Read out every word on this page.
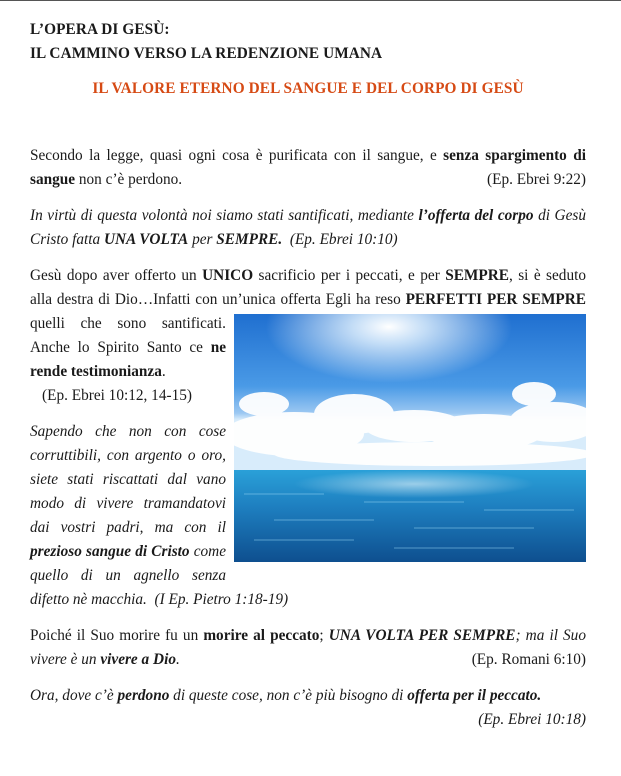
L’OPERA DI GESÙ:
IL CAMMINO VERSO LA REDENZIONE UMANA
IL VALORE ETERNO DEL SANGUE E DEL CORPO DI GESÙ

Secondo la legge, quasi ogni cosa è purificata con il sangue, e senza spargimento di sangue non c’è perdono.	(Ep. Ebrei 9:22)

In virtù di questa volontà noi siamo stati santificati, mediante l’offerta del corpo di Gesù Cristo fatta UNA VOLTA per SEMPRE. (Ep. Ebrei 10:10)

Gesù dopo aver offerto un UNICO sacrificio per i peccati, e per SEMPRE, si è seduto alla destra di Dio…Infatti con un’unica offerta Egli ha reso PERFETTI PER SEMPRE
quelli che sono santificati. Anche lo Spirito Santo ce ne rende testimonianza.
(Ep. Ebrei 10:12, 14-15)

Sapendo che non con cose corruttibili, con argento o oro, siete stati riscattati dal vano modo di vivere tramandatovi dai vostri padri, ma con il prezioso sangue di Cristo come quello di un agnello senza difetto nè macchia. (I Ep. Pietro 1:18-19)

Poiché il Suo morire fu un morire al peccato; UNA VOLTA PER SEMPRE; ma il Suo vivere è un vivere a Dio.	(Ep. Romani 6:10)

Ora, dove c’è perdono di queste cose, non c’è più bisogno di offerta per il peccato.
(Ep. Ebrei 10:18)
